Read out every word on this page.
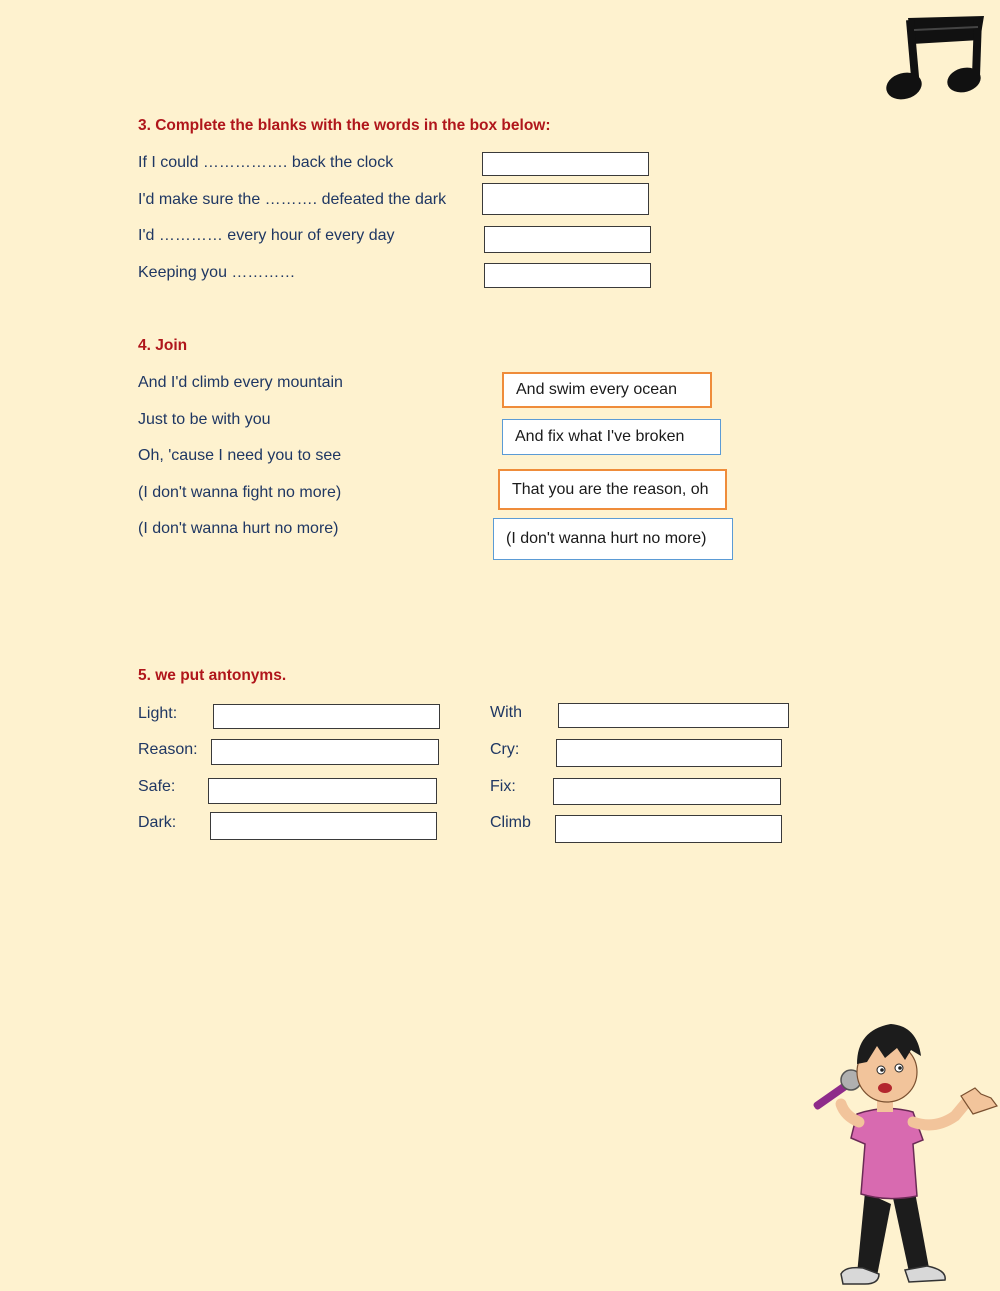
3. Complete the blanks with the words in the box below:
If I could ……………. back the clock
I'd make sure the ………. defeated the dark
I'd ………… every hour of every day
Keeping you …………
4. Join
And I'd climb every mountain
Just to be with you
Oh, 'cause I need you to see
(I don't wanna fight no more)
(I don't wanna hurt no more)
And swim every ocean
And fix what I've broken
That you are the reason, oh
(I don't wanna hurt no more)
5. we put antonyms.
Light:
Reason:
Safe:
Dark:
With
Cry:
Fix:
Climb
